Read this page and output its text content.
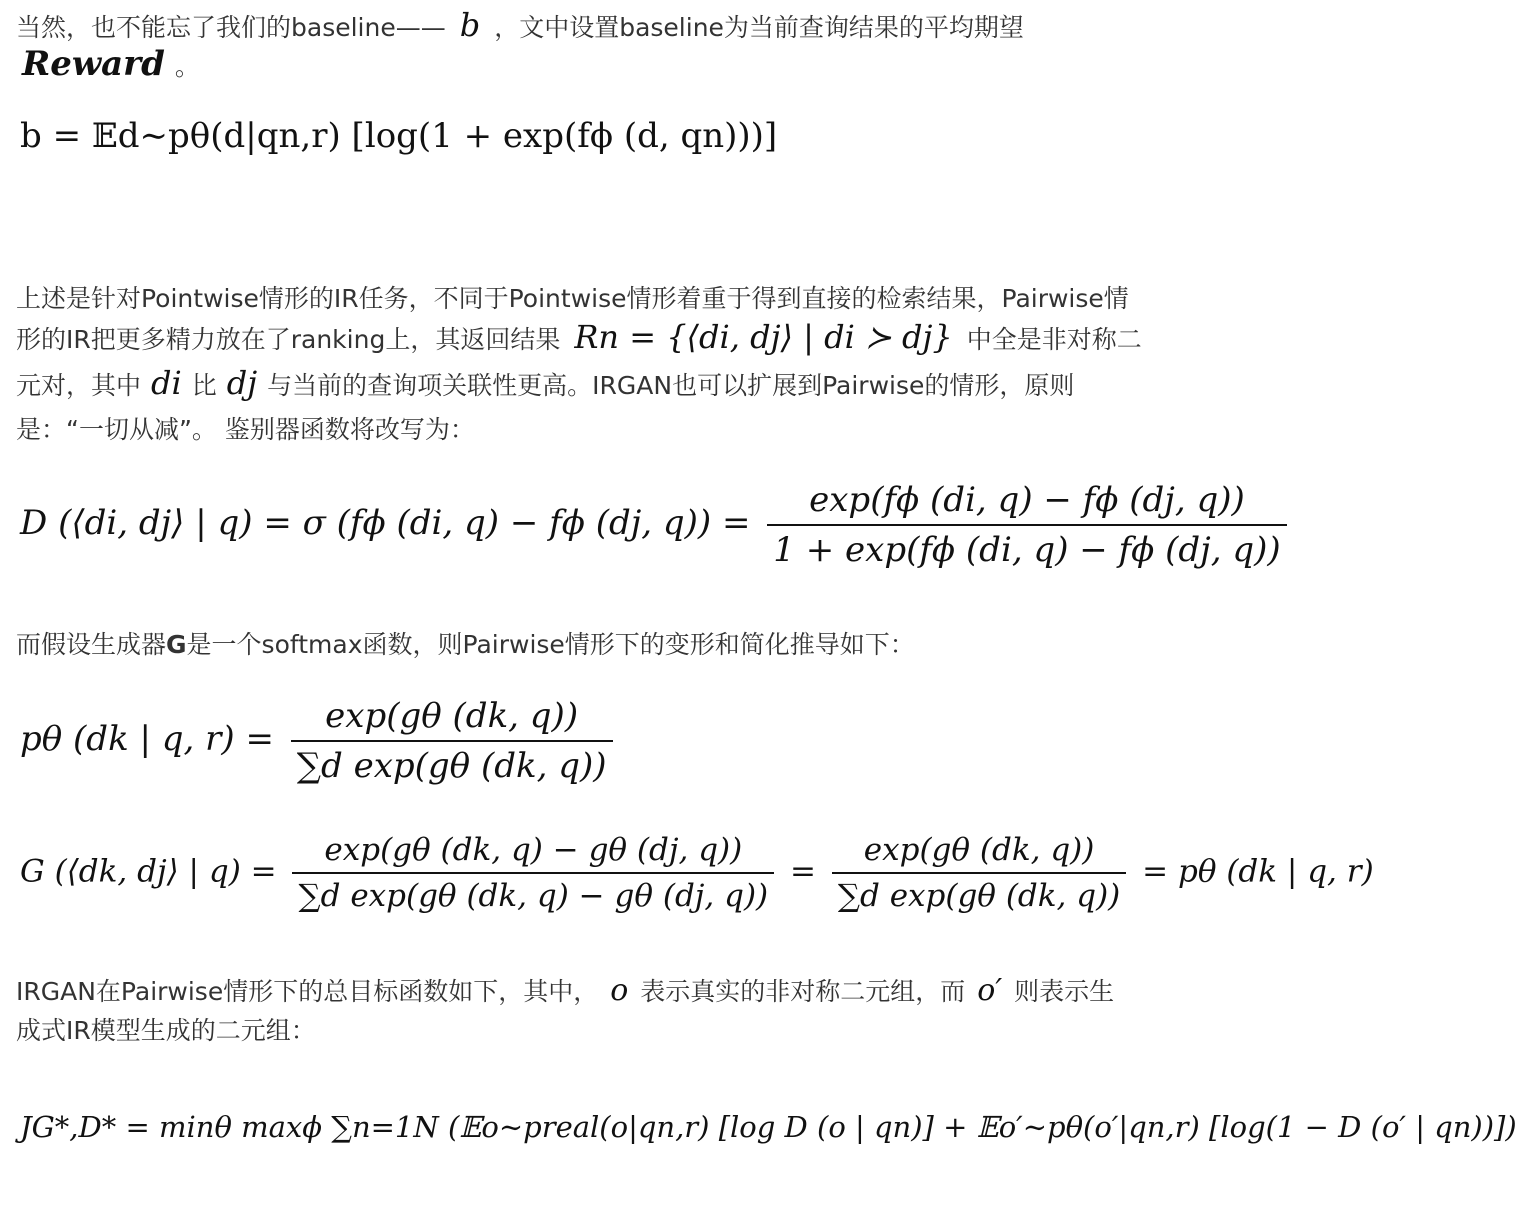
当然，也不能忘了我们的baseline—— b ，文中设置baseline为当前查询结果的平均期望
Reward 。
b = 𝔼d∼pθ(d|qn,r) [log(1 + exp(fϕ (d, qn)))]
上述是针对Pointwise情形的IR任务，不同于Pointwise情形着重于得到直接的检索结果，Pairwise情
形的IR把更多精力放在了ranking上，其返回结果 Rn = {⟨di, dj⟩ | di ≻ dj} 中全是非对称二
元对，其中 di 比 dj 与当前的查询项关联性更高。IRGAN也可以扩展到Pairwise的情形，原则
是：“一切从减”。 鉴别器函数将改写为：
D (⟨di, dj⟩ | q) = σ (fϕ (di, q) − fϕ (dj, $q)) = \frac{\exp(f\phi (di, q) - f\phi (dj, q))}{1 + \exp(f\phi (di, q) - f\phi (dj, q))}$
而假设生成器G是一个softmax函数，则Pairwise情形下的变形和简化推导如下：
pθ (dk | q, $r) = \frac{\exp(g\theta (dk, q))}{\text{∑d exp(gθ (dk, q))}}$
G (⟨dk, dj⟩ | $q) = \frac{\exp(g\theta (dk, q) - g\theta (dj, q))}{\text{∑d exp(gθ (dk, q) − gθ (dj, q))}} = \frac{\exp(g\theta (dk, q))}{\text{∑d exp(gθ (dk, q))}} = p\theta$ (dk | q, r)
IRGAN在Pairwise情形下的总目标函数如下，其中， o 表示真实的非对称二元组，而 o′ 则表示生
成式IR模型生成的二元组：
JG*,D* = minθ maxϕ ∑n=1N (𝔼o∼preal(o|qn,r) [log D (o | qn)] + 𝔼o′∼pθ(o′|qn,r) [log(1 − D (o′ | qn))])
